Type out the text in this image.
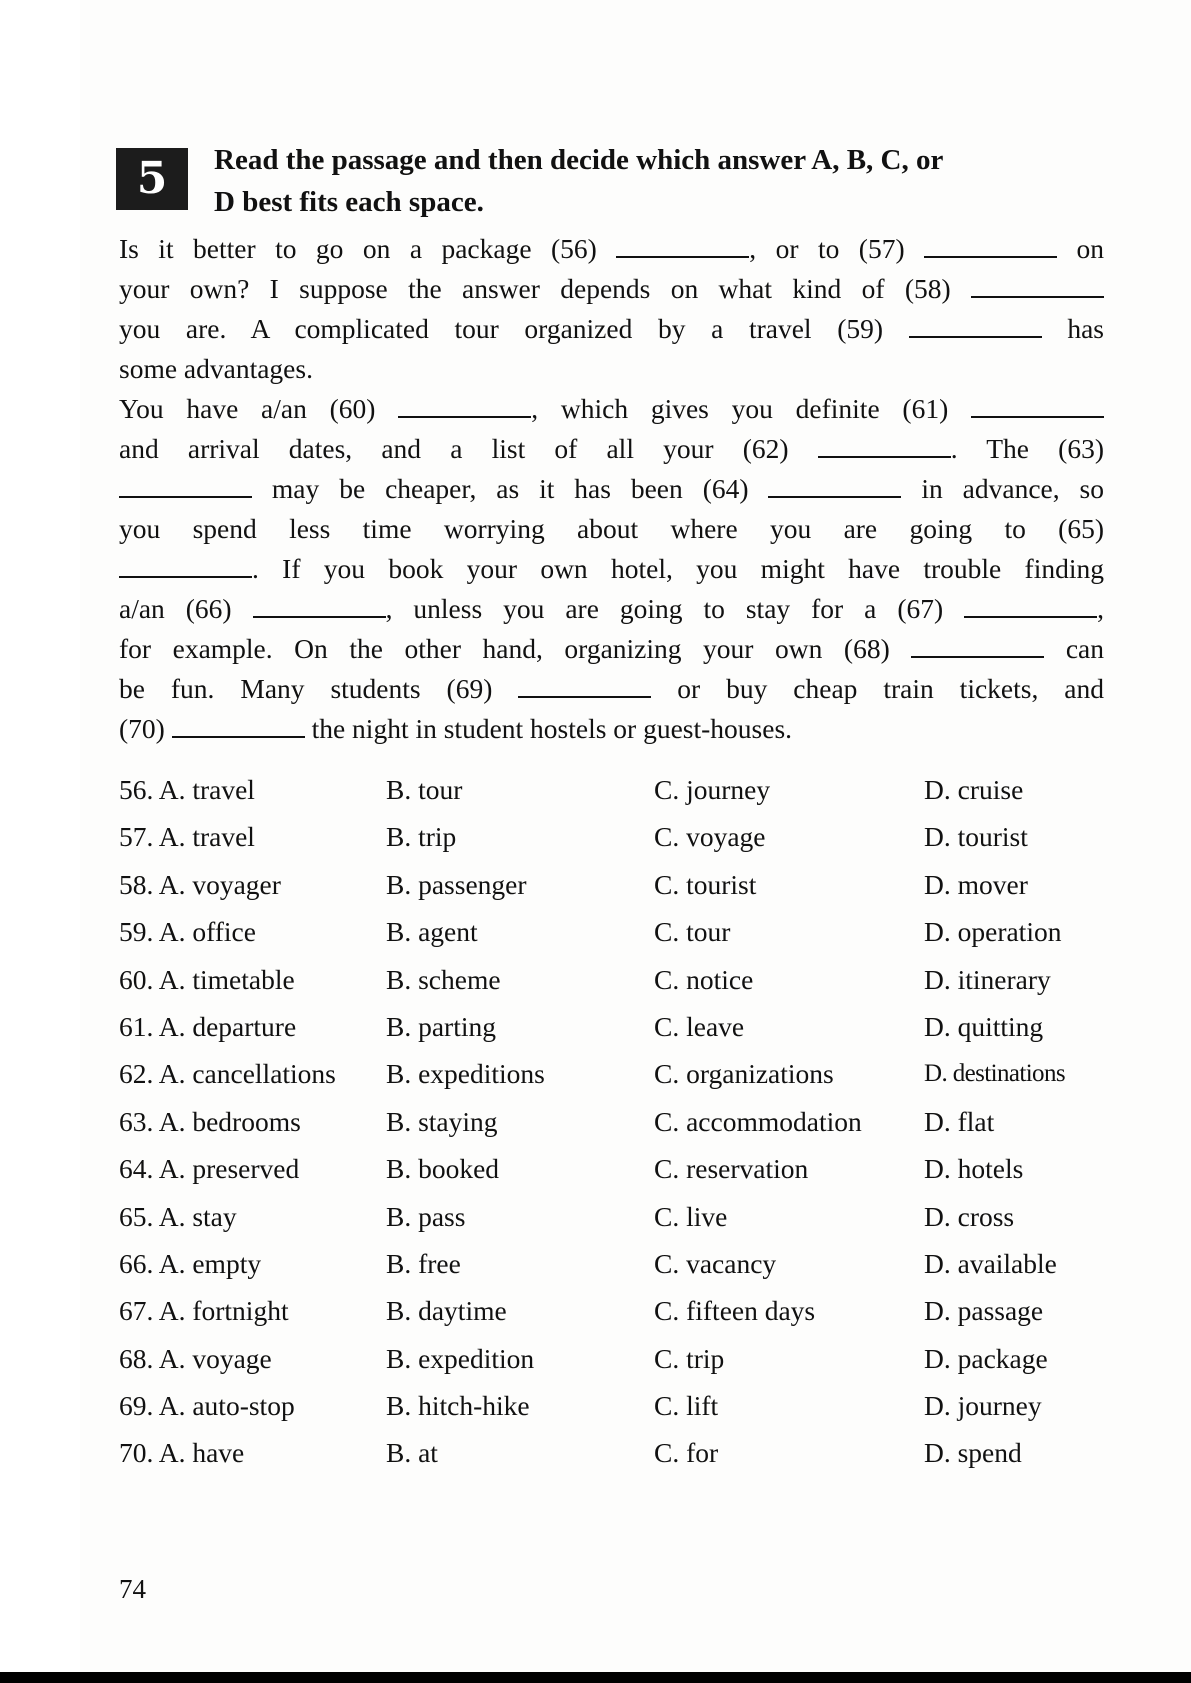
5	Read the passage and then decide which answer A, B, C, or
D best fits each space.
Is it better to go on a package (56)	, or to (57)	on
your own? I suppose the answer depends on what kind of (58)
you are. A complicated tour organized by a travel (59)	has
some advantages.
You have a/an (60)	, which gives you definite (61)
and arrival dates, and a list of all your (62)	. The (63)
may be cheaper, as it has been (64)	in advance, so
you spend less time worrying about where you are going to (65)
. If you book your own hotel, you might have trouble finding
a/an (66)	, unless you are going to stay for a (67)	,
for example. On the other hand, organizing your own (68)	can
be fun. Many students (69)	or buy cheap train tickets, and
(70)	the night in student hostels or guest-houses.
56. A. travel	B. tour	C. journey	D. cruise
57. A. travel	B. trip	C. voyage	D. tourist
58. A. voyager	B. passenger	C. tourist	D. mover
59. A. office	B. agent	C. tour	D. operation
60. A. timetable	B. scheme	C. notice	D. itinerary
61. A. departure	B. parting	C. leave	D. quitting
62. A. cancellations B. expeditions	C. organizations	D. destinations
63. A. bedrooms	B. staying	C. accommodation D. flat
64. A. preserved	B. booked	C. reservation	D. hotels
65. A. stay	B. pass	C. live	D. cross
66. A. empty	B. free	C. vacancy	D. available
67. A. fortnight	B. daytime	C. fifteen days	D. passage
68. A. voyage	B. expedition	C. trip	D. package
69. A. auto-stop	B. hitch-hike	C. lift	D. journey
70. A. have	B. at	C. for	D. spend
74
